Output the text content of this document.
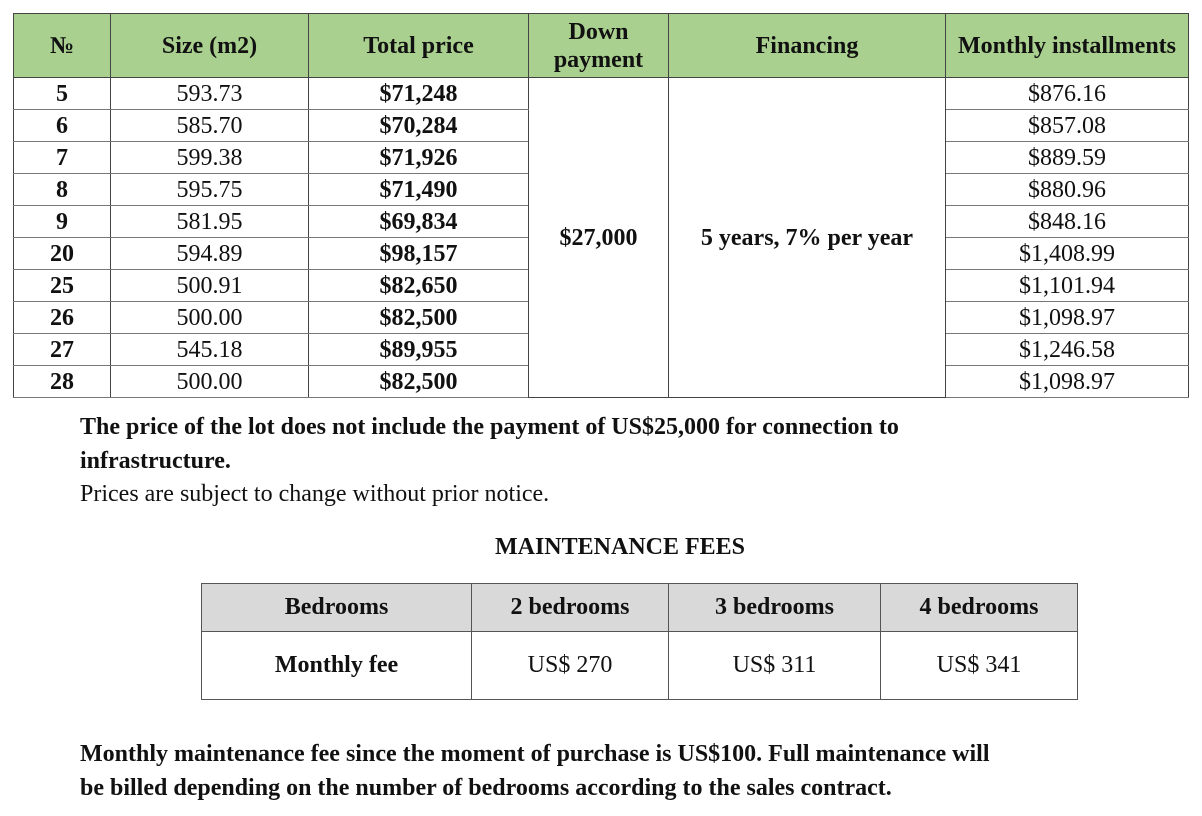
№	Size (m2)	Total price	Down payment	Financing	Monthly installments
5	593.73	$71,248	$27,000	5 years, 7% per year	$876.16
6	585.70	$70,284			$857.08
7	599.38	$71,926			$889.59
8	595.75	$71,490			$880.96
9	581.95	$69,834			$848.16
20	594.89	$98,157			$1,408.99
25	500.91	$82,650			$1,101.94
26	500.00	$82,500			$1,098.97
27	545.18	$89,955			$1,246.58
28	500.00	$82,500			$1,098.97
The price of the lot does not include the payment of US$25,000 for connection to
infrastructure.
Prices are subject to change without prior notice.
MAINTENANCE FEES
Bedrooms	2 bedrooms	3 bedrooms	4 bedrooms
Monthly fee	US$ 270	US$ 311	US$ 341
Monthly maintenance fee since the moment of purchase is US$100. Full maintenance will
be billed depending on the number of bedrooms according to the sales contract.
